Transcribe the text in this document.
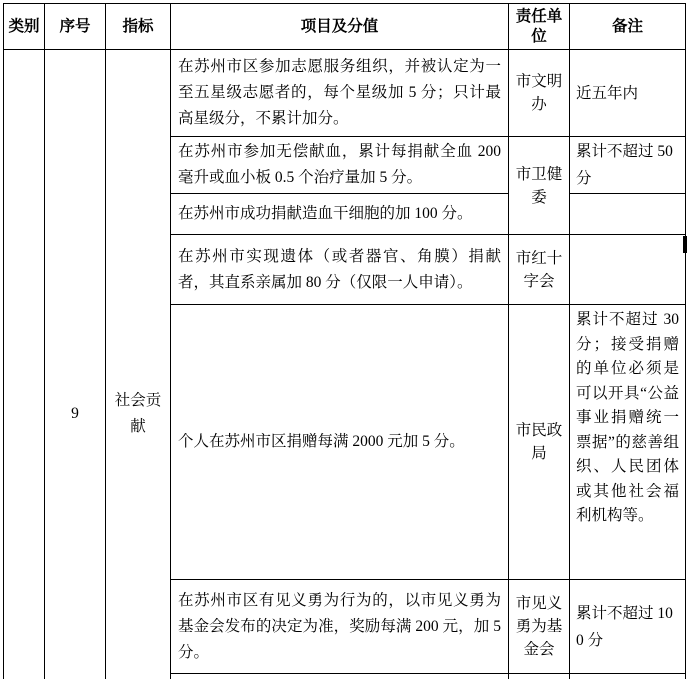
类别	序号	指标	项目及分值	责任单位	备注
	9	社会贡献	在苏州市区参加志愿服务组织，并被认定为一至五星级志愿者的，每个星级加 5 分；只计最高星级分，不累计加分。	市文明办	近五年内
			在苏州市参加无偿献血，累计每捐献全血 200 毫升或血小板 0.5 个治疗量加 5 分。	市卫健委	累计不超过 50 分
			在苏州市成功捐献造血干细胞的加 100 分。		
			在苏州市实现遗体（或者器官、角膜）捐献者，其直系亲属加 80 分（仅限一人申请）。	市红十字会	
			个人在苏州市区捐赠每满 2000 元加 5 分。	市民政局	累计不超过 30 分；接受捐赠的单位必须是可以开具“公益事业捐赠统一票据”的慈善组织、人民团体或其他社会福利机构等。
			在苏州市区有见义勇为行为的，以市见义勇为基金会发布的决定为准，奖励每满 200 元，加 5 分。	市见义勇为基金会	累计不超过 100 分
